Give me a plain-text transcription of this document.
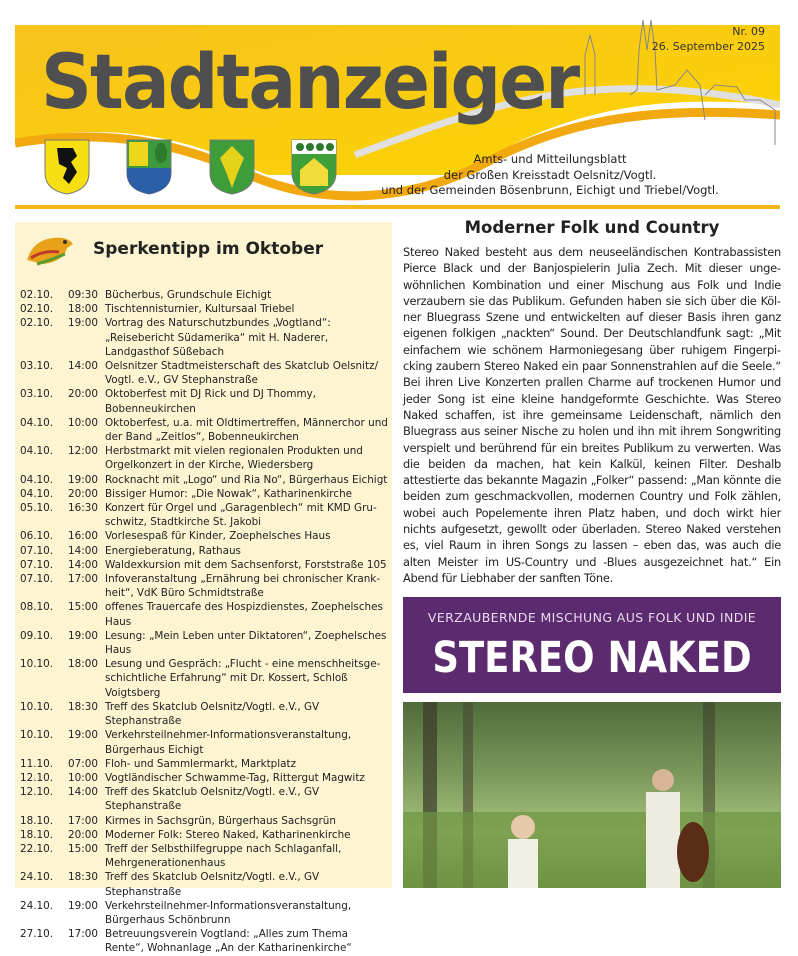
Stadtanzeiger
Nr. 09
26. September 2025
Amts- und Mitteilungsblatt
der Großen Kreisstadt Oelsnitz/Vogtl.
und der Gemeinden Bösenbrunn, Eichigt und Triebel/Vogtl.
Sperkentipp im Oktober
02.10.	09:30 Bücherbus, Grundschule Eichigt
02.10.	18:00 Tischtennisturnier, Kultursaal Triebel
02.10.	19:00 Vortrag des Naturschutzbundes „Vogtland“: „Reisebericht Südamerika“ mit H. Naderer, Landgasthof Süßebach
03.10.	14:00 Oelsnitzer Stadtmeisterschaft des Skatclub Oelsnitz/ Vogtl. e.V., GV Stephanstraße
03.10.	20:00 Oktoberfest mit DJ Rick und DJ Thommy, Bobenneukirchen
04.10.	10:00 Oktoberfest, u.a. mit Oldtimertreffen, Männerchor und der Band „Zeitlos“, Bobenneukirchen
04.10.	12:00 Herbstmarkt mit vielen regionalen Produkten und Orgelkonzert in der Kirche, Wiedersberg
04.10.	19:00 Rocknacht mit „Logo“ und Ria No“, Bürgerhaus Eichigt
04.10.	20:00 Bissiger Humor: „Die Nowak“, Katharinenkirche
05.10.	16:30 Konzert für Orgel und „Garagenblech“ mit KMD Gruschwitz, Stadtkirche St. Jakobi
06.10.	16:00 Vorlesespaß für Kinder, Zoephelsches Haus
07.10.	14:00 Energieberatung, Rathaus
07.10.	14:00 Waldexkursion mit dem Sachsenforst, Forststraße 105
07.10.	17:00 Infoveranstaltung „Ernährung bei chronischer Krankheit“, VdK Büro Schmidtstraße
08.10.	15:00 offenes Trauercafe des Hospizdienstes, Zoephelsches Haus
09.10.	19:00 Lesung: „Mein Leben unter Diktatoren“, Zoephelsches Haus
10.10.	18:00 Lesung und Gespräch: „Flucht - eine menschheitsgeschichtliche Erfahrung“ mit Dr. Kossert, Schloß Voigtsberg
10.10.	18:30 Treff des Skatclub Oelsnitz/Vogtl. e.V., GV Stephanstraße
10.10.	19:00 Verkehrsteilnehmer-Informationsveranstaltung, Bürgerhaus Eichigt
11.10.	07:00 Floh- und Sammlermarkt, Marktplatz
12.10.	10:00 Vogtländischer Schwamme-Tag, Rittergut Magwitz
12.10.	14:00 Treff des Skatclub Oelsnitz/Vogtl. e.V., GV Stephanstraße
18.10.	17:00 Kirmes in Sachsgrün, Bürgerhaus Sachsgrün
18.10.	20:00 Moderner Folk: Stereo Naked, Katharinenkirche
22.10.	15:00 Treff der Selbsthilfegruppe nach Schlaganfall, Mehrgenerationenhaus
24.10.	18:30 Treff des Skatclub Oelsnitz/Vogtl. e.V., GV Stephanstraße
24.10.	19:00 Verkehrsteilnehmer-Informationsveranstaltung, Bürgerhaus Schönbrunn
27.10.	17:00 Betreuungsverein Vogtland: „Alles zum Thema Rente“, Wohnanlage „An der Katharinenkirche“
Moderner Folk und Country
Stereo Naked besteht aus dem neuseeländischen Kontrabassisten Pierce Black und der Banjospielerin Julia Zech. Mit dieser ungewöhnlichen Kombination und einer Mischung aus Folk und Indie verzaubern sie das Publikum. Gefunden haben sie sich über die Kölner Bluegrass Szene und entwickelten auf dieser Basis ihren ganz eigenen folkigen „nackten“ Sound. Der Deutschlandfunk sagt: „Mit einfachem wie schönem Harmoniegesang über ruhigem Fingerpicking zaubern Stereo Naked ein paar Sonnenstrahlen auf die Seele.“ Bei ihren Live Konzerten prallen Charme auf trockenen Humor und jeder Song ist eine kleine handgeformte Geschichte. Was Stereo Naked schaffen, ist ihre gemeinsame Leidenschaft, nämlich den Bluegrass aus seiner Nische zu holen und ihn mit ihrem Songwriting verspielt und berührend für ein breites Publikum zu verwerten. Was die beiden da machen, hat kein Kalkül, keinen Filter. Deshalb attestierte das bekannte Magazin „Folker“ passend: „Man könnte die beiden zum geschmackvollen, modernen Country und Folk zählen, wobei auch Popelemente ihren Platz haben, und doch wirkt hier nichts aufgesetzt, gewollt oder überladen. Stereo Naked verstehen es, viel Raum in ihren Songs zu lassen – eben das, was auch die alten Meister im US-Country und -Blues ausgezeichnet hat.“ Ein Abend für Liebhaber der sanften Töne.
VERZAUBERNDE MISCHUNG AUS FOLK UND INDIE
STEREO NAKED
